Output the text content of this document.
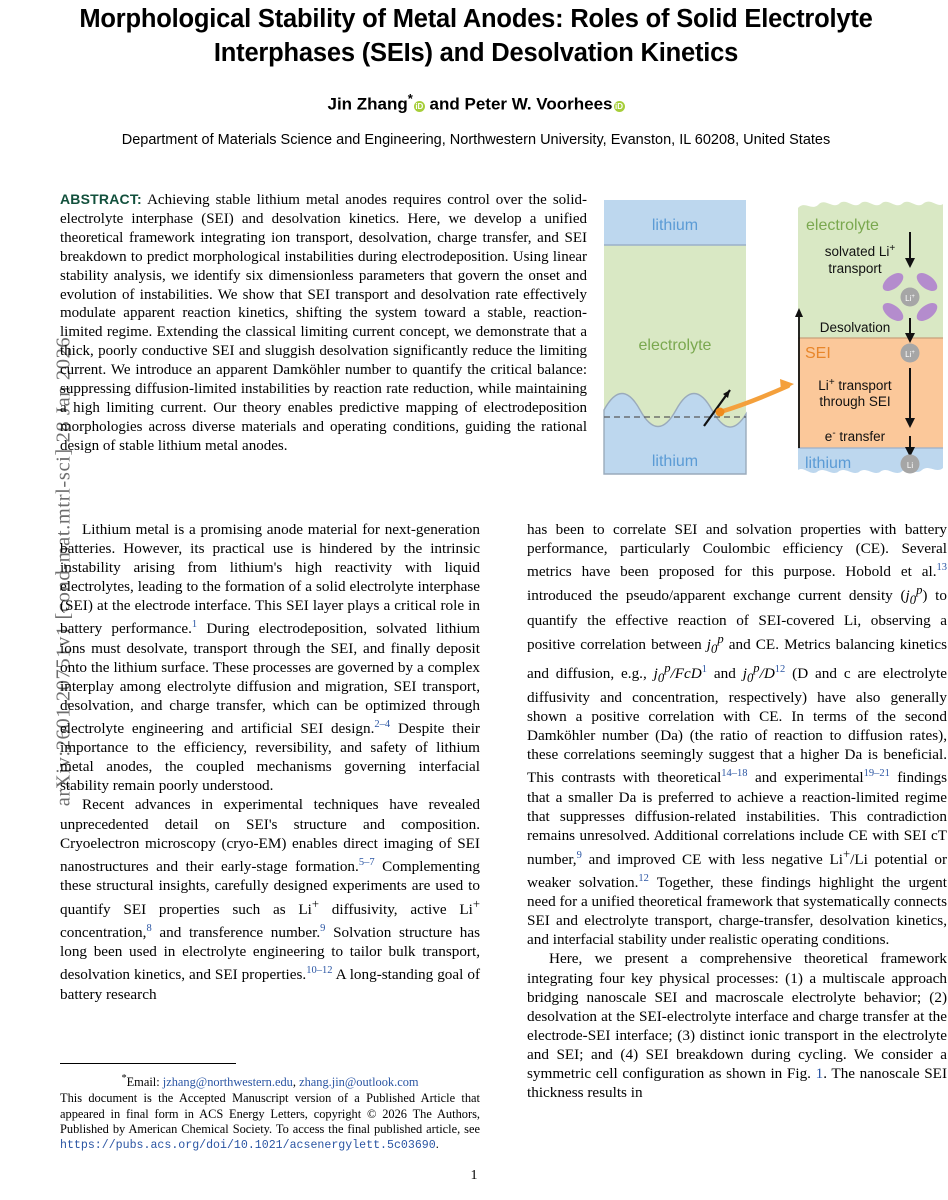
arXiv:2601.20751v1 [cond-mat.mtrl-sci] 28 Jan 2026
Morphological Stability of Metal Anodes: Roles of Solid Electrolyte Interphases (SEIs) and Desolvation Kinetics
Jin Zhang*iD and Peter W. Voorhees iD
Department of Materials Science and Engineering, Northwestern University, Evanston, IL 60208, United States
ABSTRACT: Achieving stable lithium metal anodes requires control over the solid-electrolyte interphase (SEI) and desolvation kinetics. Here, we develop a unified theoretical framework integrating ion transport, desolvation, charge transfer, and SEI breakdown to predict morphological instabilities during electrodeposition. Using linear stability analysis, we identify six dimensionless parameters that govern the onset and evolution of instabilities. We show that SEI transport and desolvation rate effectively modulate apparent reaction kinetics, shifting the system toward a stable, reaction-limited regime. Extending the classical limiting current concept, we demonstrate that a thick, poorly conductive SEI and sluggish desolvation significantly reduce the limiting current. We introduce an apparent Damköhler number to quantify the critical balance: suppressing diffusion-limited instabilities by reaction rate reduction, while maintaining a high limiting current. Our theory enables predictive mapping of electrodeposition morphologies across diverse materials and operating conditions, guiding the rational design of stable lithium metal anodes.
lithium
electrolyte
lithium
electrolyte
solvated Li+
transport
Desolvation
SEI
Li+ transport
through SEI
e- transfer
lithium
Li+
Li+
Li

Lithium metal is a promising anode material for next-generation batteries. However, its practical use is hindered by the intrinsic instability arising from lithium's high reactivity with liquid electrolytes, leading to the formation of a solid electrolyte interphase (SEI) at the electrode interface. This SEI layer plays a critical role in battery performance.$^1$ During electrodeposition, solvated lithium ions must desolvate, transport through the SEI, and finally deposit onto the lithium surface. These processes are governed by a complex interplay among electrolyte diffusion and migration, SEI transport, desolvation, and charge transfer, which can be optimized through electrolyte engineering and artificial SEI design.$^{2-4}$ Despite their importance to the efficiency, reversibility, and safety of lithium metal anodes, the coupled mechanisms governing interfacial stability remain poorly understood.

Recent advances in experimental techniques have revealed unprecedented detail on SEI's structure and composition. Cryoelectron microscopy (cryo-EM) enables direct imaging of SEI nanostructures and their early-stage formation.$^{5-7}$ Complementing these structural insights, carefully designed experiments are used to quantify SEI properties such as Li+ diffusivity, active Li+ concentration,$^8$ and transference number.$^9$ Solvation structure has long been used in electrolyte engineering to tailor bulk transport, desolvation kinetics, and SEI properties.$^{10-12}$ A long-standing goal of battery research

has been to correlate SEI and solvation properties with battery performance, particularly Coulombic efficiency (CE). Several metrics have been proposed for this purpose. Hobold et al.$^{13}$ introduced the pseudo/apparent exchange current density $(j_0^p)$ to quantify the effective reaction of SEI-covered Li, observing a positive correlation between $j_0^p$ and CE. Metrics balancing kinetics and diffusion, e.g., $j_0^p/FcD^1$ and $j_0^p/D^{12}$ (D and c are electrolyte diffusivity and concentration, respectively) have also generally shown a positive correlation with CE. In terms of the second Damköhler number (Da) (the ratio of reaction to diffusion rates), these correlations seemingly suggest that a higher Da is beneficial. This contrasts with theoretical$^{14-18}$ and experimental$^{19-21}$ findings that a smaller Da is preferred to achieve a reaction-limited regime that suppresses diffusion-related instabilities. This contradiction remains unresolved. Additional correlations include CE with SEI cT number,$^9$ and improved CE with less negative Li+/Li potential or weaker solvation.$^{12}$ Together, these findings highlight the urgent need for a unified theoretical framework that systematically connects SEI and electrolyte transport, charge-transfer, desolvation kinetics, and interfacial stability under realistic operating conditions.

Here, we present a comprehensive theoretical framework integrating four key physical processes: (1) a multiscale approach bridging nanoscale SEI and macroscale electrolyte behavior; (2) desolvation at the SEI-electrolyte interface and charge transfer at the electrode-SEI interface; (3) distinct ionic transport in the electrolyte and SEI; and (4) SEI breakdown during cycling. We consider a symmetric cell configuration as shown in Fig. 1. The nanoscale SEI thickness results in

*Email: jzhang@northwestern.edu, zhang.jin@outlook.com
This document is the Accepted Manuscript version of a Published Article that appeared in final form in ACS Energy Letters, copyright © 2026 The Authors, Published by American Chemical Society. To access the final published article, see https://pubs.acs.org/doi/10.1021/acsenergylett.5c03690.
1
